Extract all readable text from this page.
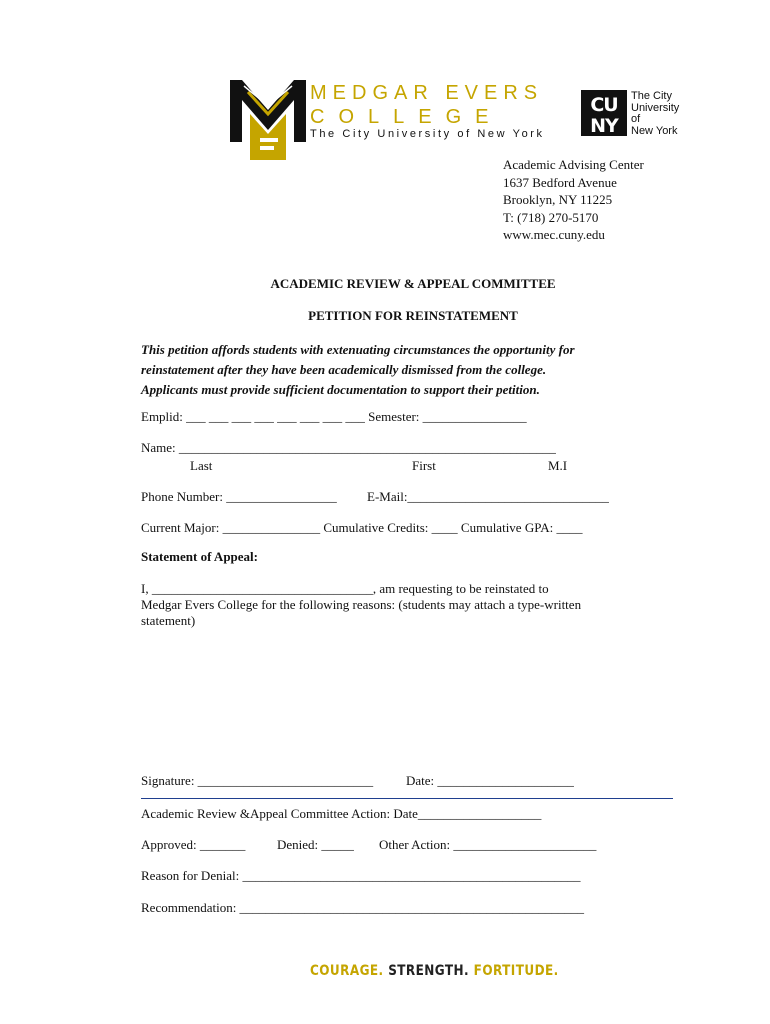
MEDGAR EVERS
COLLEGE
The City University of New York
CU
NY
The City
University
of
New York
Academic Advising Center
1637 Bedford Avenue
Brooklyn, NY 11225
T: (718) 270-5170
www.mec.cuny.edu
ACADEMIC REVIEW & APPEAL COMMITTEE
PETITION FOR REINSTATEMENT
This petition affords students with extenuating circumstances the opportunity for
reinstatement after they have been academically dismissed from the college.
Applicants must provide sufficient documentation to support their petition.
Emplid: ___ ___ ___ ___ ___ ___ ___ ___ Semester: ________________
Name: __________________________________________________________
Last	First	M.I
Phone Number: _________________ E-Mail:_______________________________
Current Major: _______________ Cumulative Credits: ____ Cumulative GPA: ____
Statement of Appeal:
I, __________________________________, am requesting to be reinstated to
Medgar Evers College for the following reasons: (students may attach a type-written
statement)
Signature: ___________________________	Date: _____________________
Academic Review &Appeal Committee Action: Date___________________
Approved: _______ Denied: _____ Other Action: ______________________
Reason for Denial: ____________________________________________________
Recommendation: _____________________________________________________
COURAGE. STRENGTH. FORTITUDE.
